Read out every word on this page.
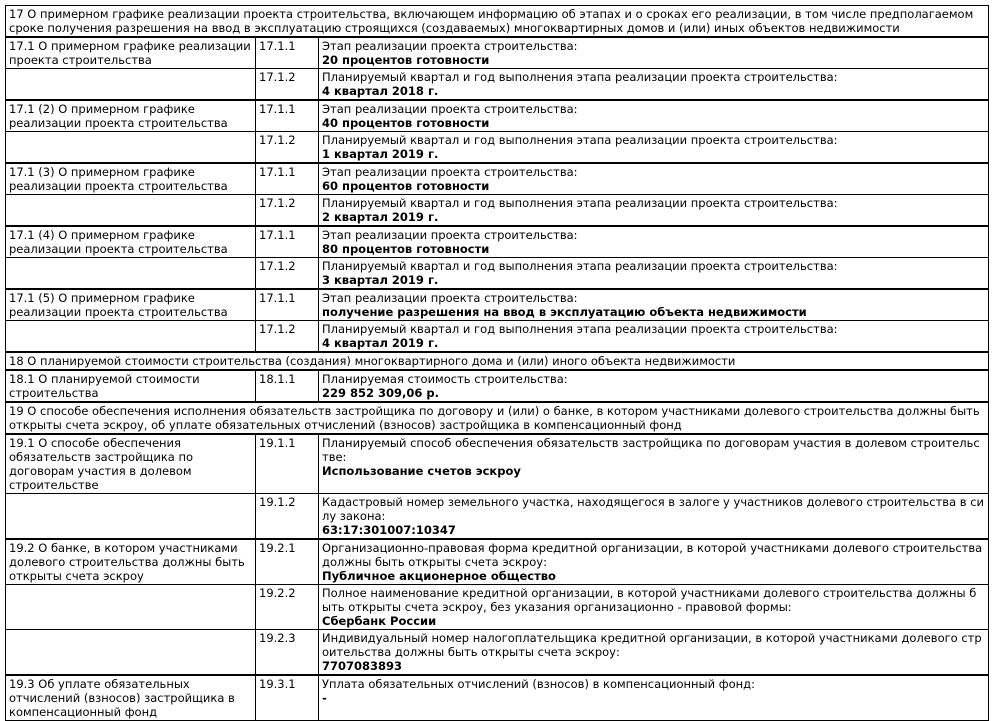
17 О примерном графике реализации проекта строительства, включающем информацию об этапах и о сроках его реализации, в том числе предполагаемом сроке получения разрешения на ввод в эксплуатацию строящихся (создаваемых) многоквартирных домов и (или) иных объектов недвижимости
17.1 О примерном графике реализации проекта строительства	17.1.1	Этап реализации проекта строительства:
20 процентов готовности

	17.1.2	Планируемый квартал и год выполнения этапа реализации проекта строительства:
4 квартал 2018 г.
17.1 (2) О примерном графике реализации проекта строительства	17.1.1	Этап реализации проекта строительства:
40 процентов готовности

	17.1.2	Планируемый квартал и год выполнения этапа реализации проекта строительства:
1 квартал 2019 г.
17.1 (3) О примерном графике реализации проекта строительства	17.1.1	Этап реализации проекта строительства:
60 процентов готовности

	17.1.2	Планируемый квартал и год выполнения этапа реализации проекта строительства:
2 квартал 2019 г.
17.1 (4) О примерном графике реализации проекта строительства	17.1.1	Этап реализации проекта строительства:
80 процентов готовности

	17.1.2	Планируемый квартал и год выполнения этапа реализации проекта строительства:
3 квартал 2019 г.
17.1 (5) О примерном графике реализации проекта строительства	17.1.1	Этап реализации проекта строительства:
получение разрешения на ввод в эксплуатацию объекта недвижимости

	17.1.2	Планируемый квартал и год выполнения этапа реализации проекта строительства:
4 квартал 2019 г.
18 О планируемой стоимости строительства (создания) многоквартирного дома и (или) иного объекта недвижимости
18.1 О планируемой стоимости строительства	18.1.1	Планируемая стоимость строительства:
229 852 309,06 р.
19 О способе обеспечения исполнения обязательств застройщика по договору и (или) о банке, в котором участниками долевого строительства должны быть открыты счета эскроу, об уплате обязательных отчислений (взносов) застройщика в компенсационный фонд
19.1 О способе обеспечения обязательств застройщика по договорам участия в долевом строительстве	19.1.1	Планируемый способ обеспечения обязательств застройщика по договорам участия в долевом строительстве:
Использование счетов эскроу

	19.1.2	Кадастровый номер земельного участка, находящегося в залоге у участников долевого строительства в силу закона:
63:17:301007:10347
19.2 О банке, в котором участниками долевого строительства должны быть открыты счета эскроу	19.2.1	Организационно-правовая форма кредитной организации, в которой участниками долевого строительства должны быть открыты счета эскроу:
Публичное акционерное общество

	19.2.2	Полное наименование кредитной организации, в которой участниками долевого строительства должны быть открыты счета эскроу, без указания организационно - правовой формы:
Сбербанк России

	19.2.3	Индивидуальный номер налогоплательщика кредитной организации, в которой участниками долевого строительства должны быть открыты счета эскроу:
7707083893
19.3 Об уплате обязательных отчислений (взносов) застройщика в компенсационный фонд	19.3.1	Уплата обязательных отчислений (взносов) в компенсационный фонд:
-
